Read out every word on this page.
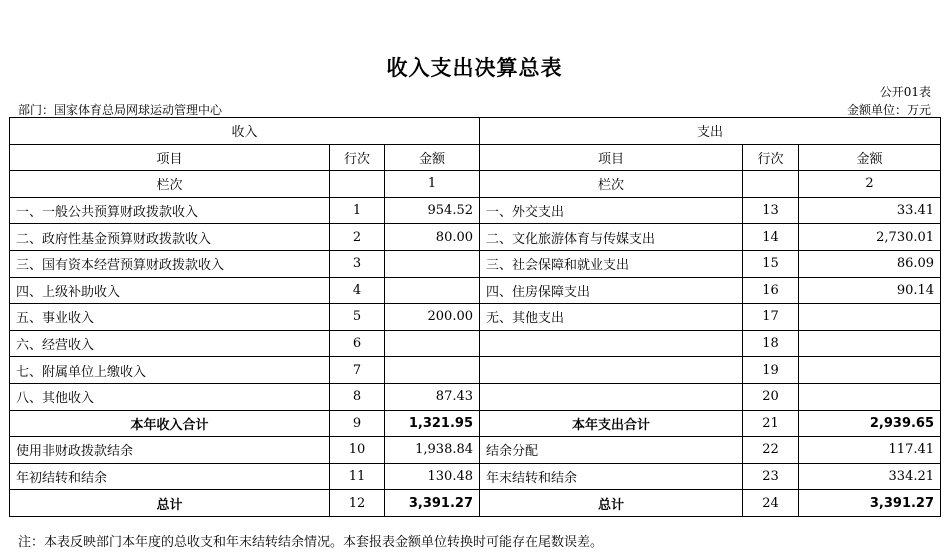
收入支出决算总表
公开01表
部门：国家体育总局网球运动管理中心	金额单位：万元
收入			支出		
项目	行次	金额	项目	行次	金额
栏次		1	栏次		2
一、一般公共预算财政拨款收入	1	954.52	一、外交支出	13	33.41
二、政府性基金预算财政拨款收入	2	80.00	二、文化旅游体育与传媒支出	14	2,730.01
三、国有资本经营预算财政拨款收入	3		三、社会保障和就业支出	15	86.09
四、上级补助收入	4		四、住房保障支出	16	90.14
五、事业收入	5	200.00	无、其他支出	17	
六、经营收入	6			18	
七、附属单位上缴收入	7			19	
八、其他收入	8	87.43		20	
本年收入合计	9	1,321.95	本年支出合计	21	2,939.65
使用非财政拨款结余	10	1,938.84	结余分配	22	117.41
年初结转和结余	11	130.48	年末结转和结余	23	334.21
总计	12	3,391.27	总计	24	3,391.27
注：本表反映部门本年度的总收支和年末结转结余情况。本套报表金额单位转换时可能存在尾数误差。
